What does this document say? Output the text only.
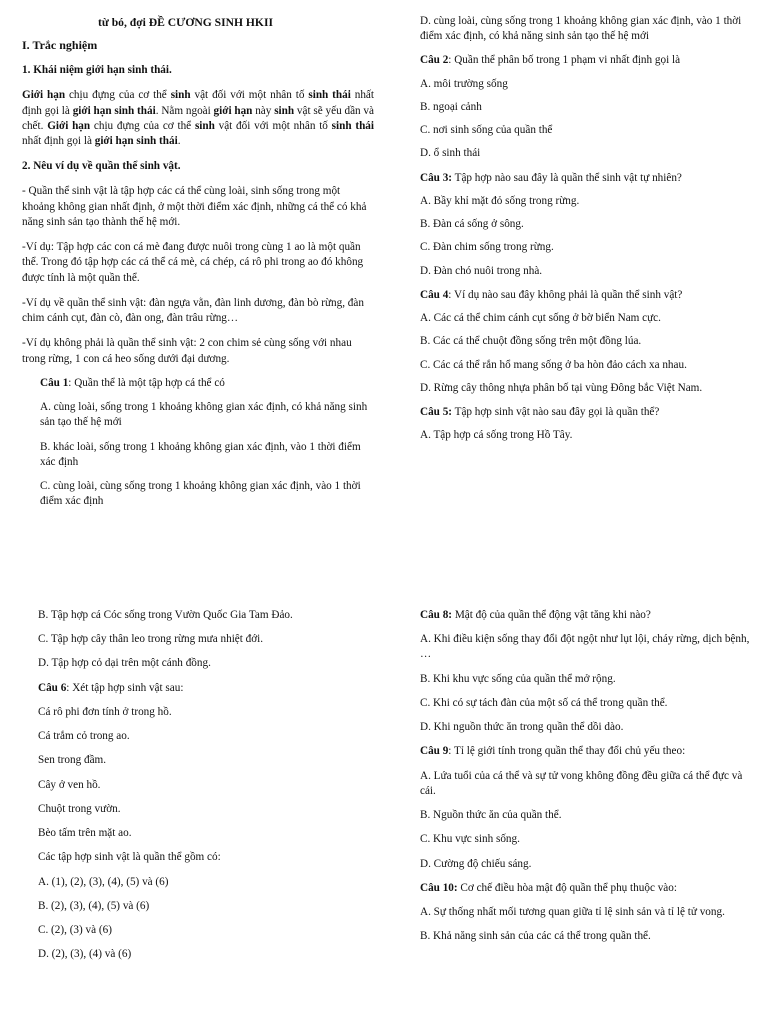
từ bó, đợi ĐỀ CƯƠNG SINH HKII
I. Trắc nghiệm
1. Khái niệm giới hạn sinh thái.
Giới hạn chịu đựng của cơ thể sinh vật đối với một nhân tố sinh thái nhất định gọi là giới hạn sinh thái. Nằm ngoài giới hạn này sinh vật sẽ yếu dần và chết. Giới hạn chịu đựng của cơ thể sinh vật đối với một nhân tố sinh thái nhất định gọi là giới hạn sinh thái.
2. Nêu ví dụ về quần thể sinh vật.
- Quần thể sinh vật là tập hợp các cá thể cùng loài, sinh sống trong một khoảng không gian nhất định, ở một thời điểm xác định, những cá thể có khả năng sinh sản tạo thành thế hệ mới.
-Ví dụ: Tập hợp các con cá mè đang được nuôi trong cùng 1 ao là một quần thể. Trong đó tập hợp các cá thể cá mè, cá chép, cá rô phi trong ao đó không được tính là một quần thể.
-Ví dụ về quần thể sinh vật: đàn ngựa vằn, đàn linh dương, đàn bò rừng, đàn chim cánh cụt, đàn cò, đàn ong, đàn trâu rừng…
-Ví dụ không phải là quần thể sinh vật: 2 con chim sẻ cùng sống với nhau trong rừng, 1 con cá heo sống dưới đại dương.
Câu 1: Quần thể là một tập hợp cá thể có
A. cùng loài, sống trong 1 khoảng không gian xác định, có khả năng sinh sản tạo thế hệ mới
B. khác loài, sống trong 1 khoảng không gian xác định, vào 1 thời điểm xác định
C. cùng loài, cùng sống trong 1 khoảng không gian xác định, vào 1 thời điểm xác định
D. cùng loài, cùng sống trong 1 khoảng không gian xác định, vào 1 thời điểm xác định, có khả năng sinh sản tạo thế hệ mới
Câu 2: Quần thể phân bố trong 1 phạm vi nhất định gọi là
A. môi trường sống
B. ngoại cảnh
C. nơi sinh sống của quần thể
D. ổ sinh thái
Câu 3: Tập hợp nào sau đây là quần thể sinh vật tự nhiên?
A. Bầy khỉ mặt đỏ sống trong rừng.
B. Đàn cá sống ở sông.
C. Đàn chim sống trong rừng.
D. Đàn chó nuôi trong nhà.
Câu 4: Ví dụ nào sau đây không phải là quần thể sinh vật?
A. Các cá thể chim cánh cụt sống ở bờ biển Nam cực.
B. Các cá thể chuột đồng sống trên một đồng lúa.
C. Các cá thể rắn hổ mang sống ở ba hòn đảo cách xa nhau.
D. Rừng cây thông nhựa phân bố tại vùng Đông bắc Việt Nam.
Câu 5: Tập hợp sinh vật nào sau đây gọi là quần thể?
A. Tập hợp cá sống trong Hồ Tây.
B. Tập hợp cá Cóc sống trong Vườn Quốc Gia Tam Đảo.
C. Tập hợp cây thân leo trong rừng mưa nhiệt đới.
D. Tập hợp cỏ dại trên một cánh đồng.
Câu 6: Xét tập hợp sinh vật sau:
Cá rô phi đơn tính ở trong hồ.
Cá trắm cỏ trong ao.
Sen trong đầm.
Cây ở ven hồ.
Chuột trong vườn.
Bèo tấm trên mặt ao.
Các tập hợp sinh vật là quần thể gồm có:
A. (1), (2), (3), (4), (5) và (6)
B. (2), (3), (4), (5) và (6)
C. (2), (3) và (6)
D. (2), (3), (4) và (6)
Câu 8: Mật độ của quần thể động vật tăng khi nào?
A. Khi điều kiện sống thay đổi đột ngột như lụt lội, cháy rừng, dịch bệnh, …
B. Khi khu vực sống của quần thể mở rộng.
C. Khi có sự tách đàn của một số cá thể trong quần thể.
D. Khi nguồn thức ăn trong quần thể dồi dào.
Câu 9: Tỉ lệ giới tính trong quần thể thay đổi chủ yếu theo:
A. Lứa tuổi của cá thể và sự tử vong không đồng đều giữa cá thể đực và cái.
B. Nguồn thức ăn của quần thể.
C. Khu vực sinh sống.
D. Cường độ chiếu sáng.
Câu 10: Cơ chế điều hòa mật độ quần thể phụ thuộc vào:
A. Sự thống nhất mối tương quan giữa tỉ lệ sinh sản và tỉ lệ tử vong.
B. Khả năng sinh sản của các cá thể trong quần thể.
